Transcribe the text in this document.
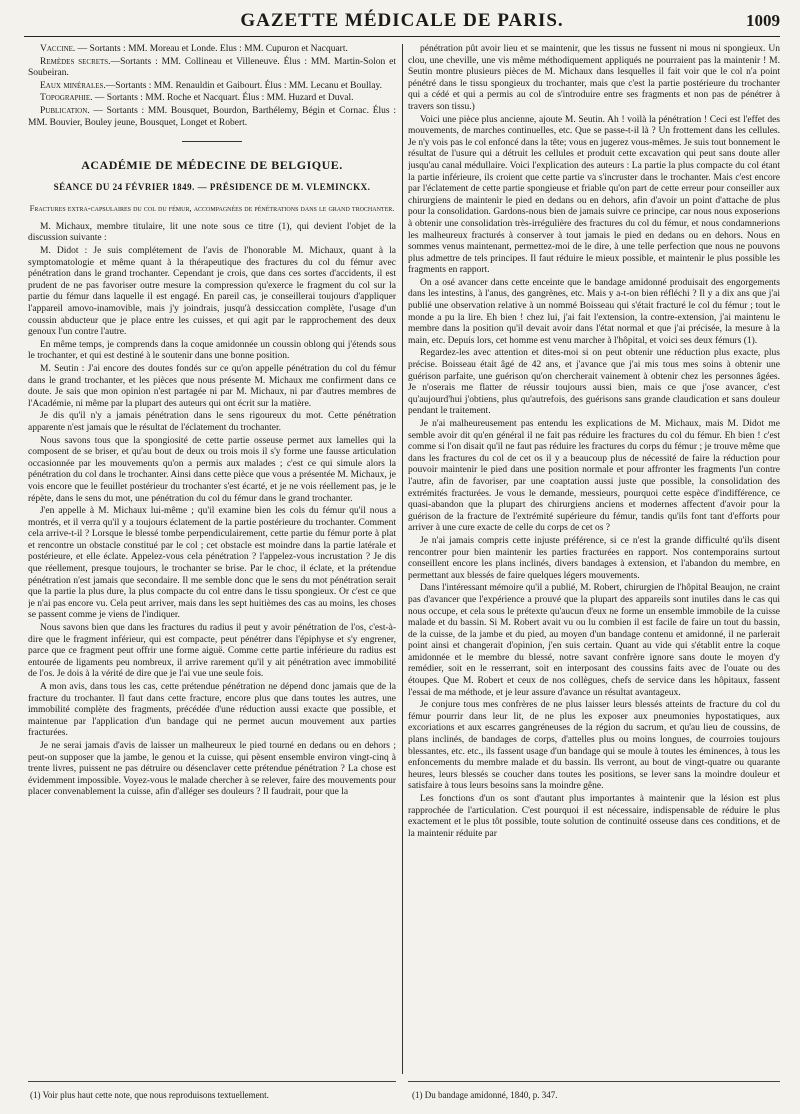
GAZETTE MÉDICALE DE PARIS.	1009

Vaccine. — Sortants : MM. Moreau et Londe. Élus : MM. Cupuron et Nacquart.

Remèdes secrets.—Sortants : MM. Collineau et Villeneuve. Élus : MM. Martin-Solon et Soubeiran.

Eaux minérales.—Sortants : MM. Renauldin et Gaibourt. Élus : MM. Lecanu et Boullay.

Topographie. — Sortants : MM. Roche et Nacquart. Élus : MM. Huzard et Duval.

Publication. — Sortants : MM. Bousquet, Bourdon, Barthélemy, Bégin et Cornac. Élus : MM. Bouvier, Bouley jeune, Bousquet, Longet et Robert.

ACADÉMIE DE MÉDECINE DE BELGIQUE.
SÉANCE DU 24 FÉVRIER 1849. — PRÉSIDENCE DE M. VLEMINCKX.
Fractures extra-capsulaires du col du fémur, accompagnées de pénétrations dans le grand trochanter.

M. Michaux, membre titulaire, lit une note sous ce titre (1), qui devient l'objet de la discussion suivante :

M. Didot : Je suis complétement de l'avis de l'honorable M. Michaux, quant à la symptomatologie et même quant à la thérapeutique des fractures du col du fémur avec pénétration dans le grand trochanter. Cependant je crois, que dans ces sortes d'accidents, il est prudent de ne pas favoriser outre mesure la compression qu'exerce le fragment du col sur la partie du fémur dans laquelle il est engagé. En pareil cas, je conseillerai toujours d'appliquer l'appareil amovo-inamovible, mais j'y joindrais, jusqu'à dessiccation complète, l'usage d'un coussin abducteur que je place entre les cuisses, et qui agit par le rapprochement des deux genoux l'un contre l'autre.

En même temps, je comprends dans la coque amidonnée un coussin oblong qui j'étends sous le trochanter, et qui est destiné à le soutenir dans une bonne position.

M. Seutin : J'ai encore des doutes fondés sur ce qu'on appelle pénétration du col du fémur dans le grand trochanter, et les pièces que nous présente M. Michaux me confirment dans ce doute. Je sais que mon opinion n'est partagée ni par M. Michaux, ni par d'autres membres de l'Académie, ni même par la plupart des auteurs qui ont écrit sur la matière.

Je dis qu'il n'y a jamais pénétration dans le sens rigoureux du mot. Cette pénétration apparente n'est jamais que le résultat de l'éclatement du trochanter.

Nous savons tous que la spongiosité de cette partie osseuse permet aux lamelles qui la composent de se briser, et qu'au bout de deux ou trois mois il s'y forme une fausse articulation occasionnée par les mouvements qu'on a permis aux malades ; c'est ce qui simule alors la pénétration du col dans le trochanter. Ainsi dans cette pièce que vous a présentée M. Michaux, je vois encore que le feuillet postérieur du trochanter s'est écarté, et je ne vois réellement pas, je le répète, dans le sens du mot, une pénétration du col du fémur dans le grand trochanter.

J'en appelle à M. Michaux lui-même ; qu'il examine bien les cols du fémur qu'il nous a montrés, et il verra qu'il y a toujours éclatement de la partie postérieure du trochanter. Comment cela arrive-t-il ? Lorsque le blessé tombe perpendiculairement, cette partie du fémur porte à plat et rencontre un obstacle constitué par le col ; cet obstacle est moindre dans la partie latérale et postérieure, et elle éclate. Appelez-vous cela pénétration ? l'appelez-vous incrustation ? Je dis que réellement, presque toujours, le trochanter se brise. Par le choc, il éclate, et la prétendue pénétration n'est jamais que secondaire. Il me semble donc que le sens du mot pénétration serait que la partie la plus dure, la plus compacte du col entre dans le tissu spongieux. Or c'est ce que je n'ai pas encore vu. Cela peut arriver, mais dans les sept huitièmes des cas au moins, les choses se passent comme je viens de l'indiquer.

Nous savons bien que dans les fractures du radius il peut y avoir pénétration de l'os, c'est-à-dire que le fragment inférieur, qui est compacte, peut pénétrer dans l'épiphyse et s'y engrener, parce que ce fragment peut offrir une forme aiguë. Comme cette partie inférieure du radius est entourée de ligaments peu nombreux, il arrive rarement qu'il y ait pénétration avec immobilité de l'os. Je dois à la vérité de dire que je l'ai vue une seule fois.

A mon avis, dans tous les cas, cette prétendue pénétration ne dépend donc jamais que de la fracture du trochanter. Il faut dans cette fracture, encore plus que dans toutes les autres, une immobilité complète des fragments, précédée d'une réduction aussi exacte que possible, et maintenue par l'application d'un bandage qui ne permet aucun mouvement aux parties fracturées.

Je ne serai jamais d'avis de laisser un malheureux le pied tourné en dedans ou en dehors ; peut-on supposer que la jambe, le genou et la cuisse, qui pèsent ensemble environ vingt-cinq à trente livres, puissent ne pas détruire ou désenclaver cette prétendue pénétration ? La chose est évidemment impossible. Voyez-vous le malade chercher à se relever, faire des mouvements pour placer convenablement la cuisse, afin d'alléger ses douleurs ? Il faudrait, pour que la

pénétration pût avoir lieu et se maintenir, que les tissus ne fussent ni mous ni spongieux. Un clou, une cheville, une vis même méthodiquement appliqués ne pourraient pas la maintenir ! M. Seutin montre plusieurs pièces de M. Michaux dans lesquelles il fait voir que le col n'a point pénétré dans le tissu spongieux du trochanter, mais que c'est la partie postérieure du trochanter qui a cédé et qui a permis au col de s'introduire entre ses fragments et non pas de pénétrer à travers son tissu.)

Voici une pièce plus ancienne, ajoute M. Seutin. Ah ! voilà la pénétration ! Ceci est l'effet des mouvements, de marches continuelles, etc. Que se passe-t-il là ? Un frottement dans les cellules. Je n'y vois pas le col enfoncé dans la tête; vous en jugerez vous-mêmes. Je suis tout bonnement le résultat de l'usure qui a détruit les cellules et produit cette excavation qui peut sans doute aller jusqu'au canal médullaire. Voici l'explication des auteurs : La partie la plus compacte du col étant la partie inférieure, ils croient que cette partie va s'incruster dans le trochanter. Mais c'est encore par l'éclatement de cette partie spongieuse et friable qu'on part de cette erreur pour conseiller aux chirurgiens de maintenir le pied en dedans ou en dehors, afin d'avoir un point d'attache de plus pour la consolidation. Gardons-nous bien de jamais suivre ce principe, car nous nous exposerions à obtenir une consolidation très-irrégulière des fractures du col du fémur, et nous condamnerions les malheureux fracturés à conserver à tout jamais le pied en dedans ou en dehors. Nous en sommes venus maintenant, permettez-moi de le dire, à une telle perfection que nous ne pouvons plus admettre de tels principes. Il faut réduire le mieux possible, et maintenir le plus possible les fragments en rapport.

On a osé avancer dans cette enceinte que le bandage amidonné produisait des engorgements dans les intestins, à l'anus, des gangrènes, etc. Mais y a-t-on bien réfléchi ? Il y a dix ans que j'ai publié une observation relative à un nommé Boisseau qui s'était fracturé le col du fémur ; tout le monde a pu la lire. Eh bien ! chez lui, j'ai fait l'extension, la contre-extension, j'ai maintenu le membre dans la position qu'il devait avoir dans l'état normal et que j'ai précisée, la mesure à la main, etc. Depuis lors, cet homme est venu marcher à l'hôpital, et voici ses deux fémurs (1).

Regardez-les avec attention et dites-moi si on peut obtenir une réduction plus exacte, plus précise. Boisseau était âgé de 42 ans, et j'avance que j'ai mis tous mes soins à obtenir une guérison parfaite, une guérison qu'on chercherait vainement à obtenir chez les personnes âgées. Je n'oserais me flatter de réussir toujours aussi bien, mais ce que j'ose avancer, c'est qu'aujourd'hui j'obtiens, plus qu'autrefois, des guérisons sans grande claudication et sans douleur pendant le traitement.

Je n'ai malheureusement pas entendu les explications de M. Michaux, mais M. Didot me semble avoir dit qu'en général il ne fait pas réduire les fractures du col du fémur. Eh bien ! c'est comme si l'on disait qu'il ne faut pas réduire les fractures du corps du fémur ; je trouve même que dans les fractures du col de cet os il y a beaucoup plus de nécessité de faire la réduction pour pouvoir maintenir le pied dans une position normale et pour affronter les fragments l'un contre l'autre, afin de favoriser, par une coaptation aussi juste que possible, la consolidation des extrémités fracturées. Je vous le demande, messieurs, pourquoi cette espèce d'indifférence, ce quasi-abandon que la plupart des chirurgiens anciens et modernes affectent d'avoir pour la guérison de la fracture de l'extrémité supérieure du fémur, tandis qu'ils font tant d'efforts pour arriver à une cure exacte de celle du corps de cet os ?

Je n'ai jamais compris cette injuste préférence, si ce n'est la grande difficulté qu'ils disent rencontrer pour bien maintenir les parties fracturées en rapport. Nos contemporains surtout conseillent encore les plans inclinés, divers bandages à extension, et l'abandon du membre, en permettant aux blessés de faire quelques légers mouvements.

Dans l'intéressant mémoire qu'il a publié, M. Robert, chirurgien de l'hôpital Beaujon, ne craint pas d'avancer que l'expérience a prouvé que la plupart des appareils sont inutiles dans le cas qui nous occupe, et cela sous le prétexte qu'aucun d'eux ne forme un ensemble immobile de la cuisse malade et du bassin. Si M. Robert avait vu ou lu combien il est facile de faire un tout du bassin, de la cuisse, de la jambe et du pied, au moyen d'un bandage contenu et amidonné, il ne parlerait point ainsi et changerait d'opinion, j'en suis certain. Quant au vide qui s'établit entre la coque amidonnée et le membre du blessé, notre savant confrère ignore sans doute le moyen d'y remédier, soit en le resserrant, soit en interposant des coussins faits avec de l'ouate ou des étoupes. Que M. Robert et ceux de nos collègues, chefs de service dans les hôpitaux, fassent l'essai de ma méthode, et je leur assure d'avance un résultat avantageux.

Je conjure tous mes confrères de ne plus laisser leurs blessés atteints de fracture du col du fémur pourrir dans leur lit, de ne plus les exposer aux pneumonies hypostatiques, aux excoriations et aux escarres gangréneuses de la région du sacrum, et qu'au lieu de coussins, de plans inclinés, de bandages de corps, d'attelles plus ou moins longues, de courroies toujours blessantes, etc. etc., ils fassent usage d'un bandage qui se moule à toutes les éminences, à tous les enfoncements du membre malade et du bassin. Ils verront, au bout de vingt-quatre ou quarante heures, leurs blessés se coucher dans toutes les positions, se lever sans la moindre douleur et satisfaire à tous leurs besoins sans la moindre gêne.

Les fonctions d'un os sont d'autant plus importantes à maintenir que la lésion est plus rapprochée de l'articulation. C'est pourquoi il est nécessaire, indispensable de réduire le plus exactement et le plus tôt possible, toute solution de continuité osseuse dans ces conditions, et de la maintenir réduite par

(1) Voir plus haut cette note, que nous reproduisons textuellement.	(1) Du bandage amidonné, 1840, p. 347.
